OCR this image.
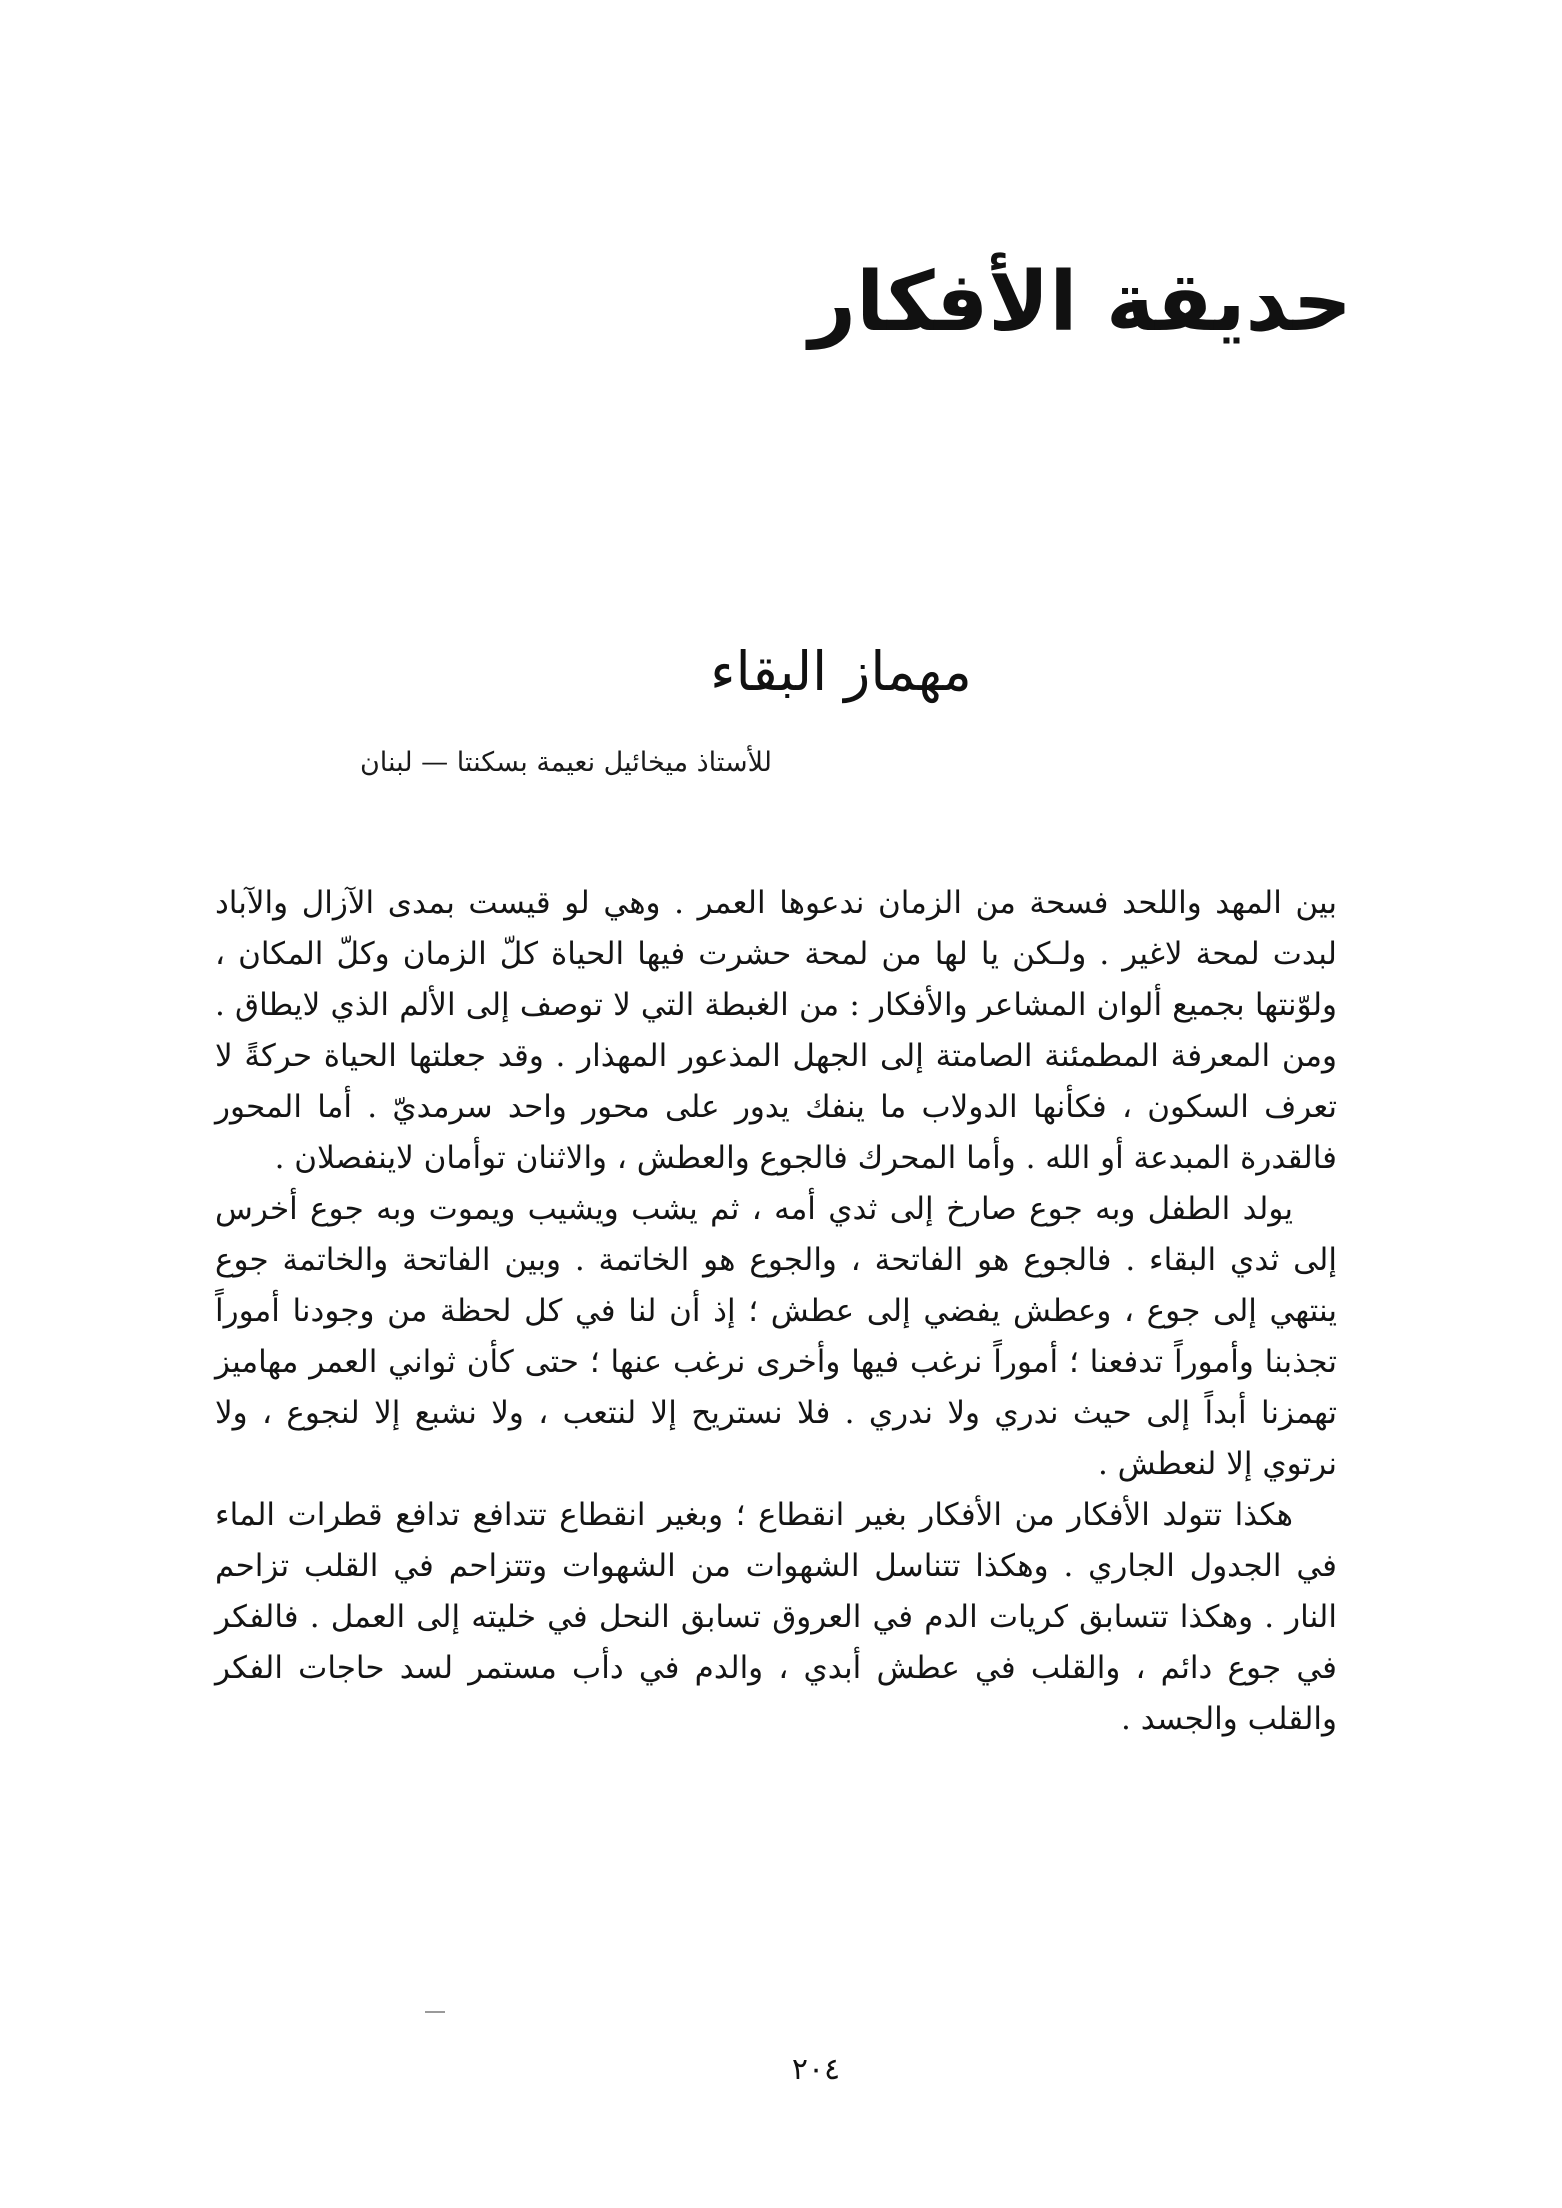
حديقة الأفكار
مهماز البقاء
للأستاذ ميخائيل نعيمة بسكنتا — لبنان

بين المهد واللحد فسحة من الزمان ندعوها العمر . وهي لو قيست بمدى الآزال والآباد لبدت لمحة لاغير . ولـكن يا لها من لمحة حشرت فيها الحياة كلّ الزمان وكلّ المكان ، ولوّنتها بجميع ألوان المشاعر والأفكار : من الغبطة التي لا توصف إلى الألم الذي لايطاق . ومن المعرفة المطمئنة الصامتة إلى الجهل المذعور المهذار . وقد جعلتها الحياة حركةً لا تعرف السكون ، فكأنها الدولاب ما ينفك يدور على محور واحد سرمديّ . أما المحور فالقدرة المبدعة أو الله . وأما المحرك فالجوع والعطش ، والاثنان توأمان لاينفصلان .

يولد الطفل وبه جوع صارخ إلى ثدي أمه ، ثم يشب ويشيب ويموت وبه جوع أخرس إلى ثدي البقاء . فالجوع هو الفاتحة ، والجوع هو الخاتمة . وبين الفاتحة والخاتمة جوع ينتهي إلى جوع ، وعطش يفضي إلى عطش ؛ إذ أن لنا في كل لحظة من وجودنا أموراً تجذبنا وأموراً تدفعنا ؛ أموراً نرغب فيها وأخرى نرغب عنها ؛ حتى كأن ثواني العمر مهاميز تهمزنا أبداً إلى حيث ندري ولا ندري . فلا نستريح إلا لنتعب ، ولا نشبع إلا لنجوع ، ولا نرتوي إلا لنعطش .

هكذا تتولد الأفكار من الأفكار بغير انقطاع ؛ وبغير انقطاع تتدافع تدافع قطرات الماء في الجدول الجاري . وهكذا تتناسل الشهوات من الشهوات وتتزاحم في القلب تزاحم النار . وهكذا تتسابق كريات الدم في العروق تسابق النحل في خليته إلى العمل . فالفكر في جوع دائم ، والقلب في عطش أبدي ، والدم في دأب مستمر لسد حاجات الفكر والقلب والجسد .

٢٠٤
